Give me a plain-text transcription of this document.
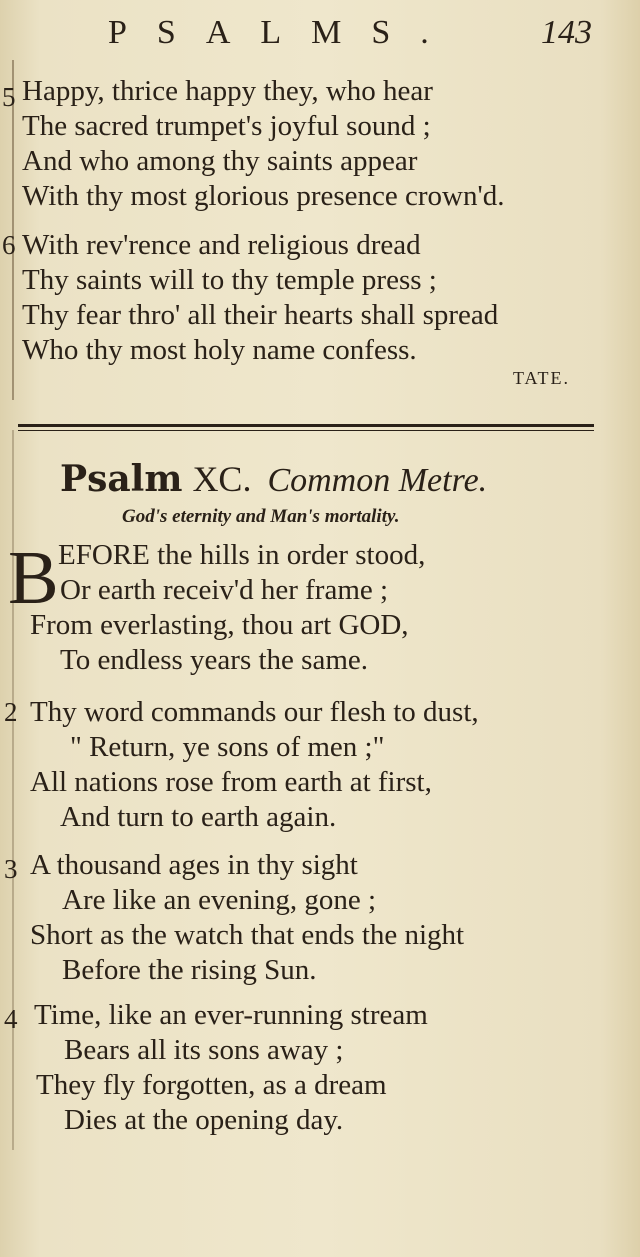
PSALMS. 143
5 Happy, thrice happy they, who hear
The sacred trumpet's joyful sound ;
And who among thy saints appear
With thy most glorious presence crown'd.
6 With rev'rence and religious dread
Thy saints will to thy temple press ;
Thy fear thro' all their hearts shall spread
Who thy most holy name confess.
TATE.
Psalm XC. Common Metre.
God's eternity and Man's mortality.
B EFORE the hills in order stood,
Or earth receiv'd her frame ;
From everlasting, thou art GOD,
To endless years the same.
2 Thy word commands our flesh to dust,
" Return, ye sons of men ;"
All nations rose from earth at first,
And turn to earth again.
3 A thousand ages in thy sight
Are like an evening, gone ;
Short as the watch that ends the night
Before the rising Sun.
4 Time, like an ever-running stream
Bears all its sons away ;
They fly forgotten, as a dream
Dies at the opening day.
